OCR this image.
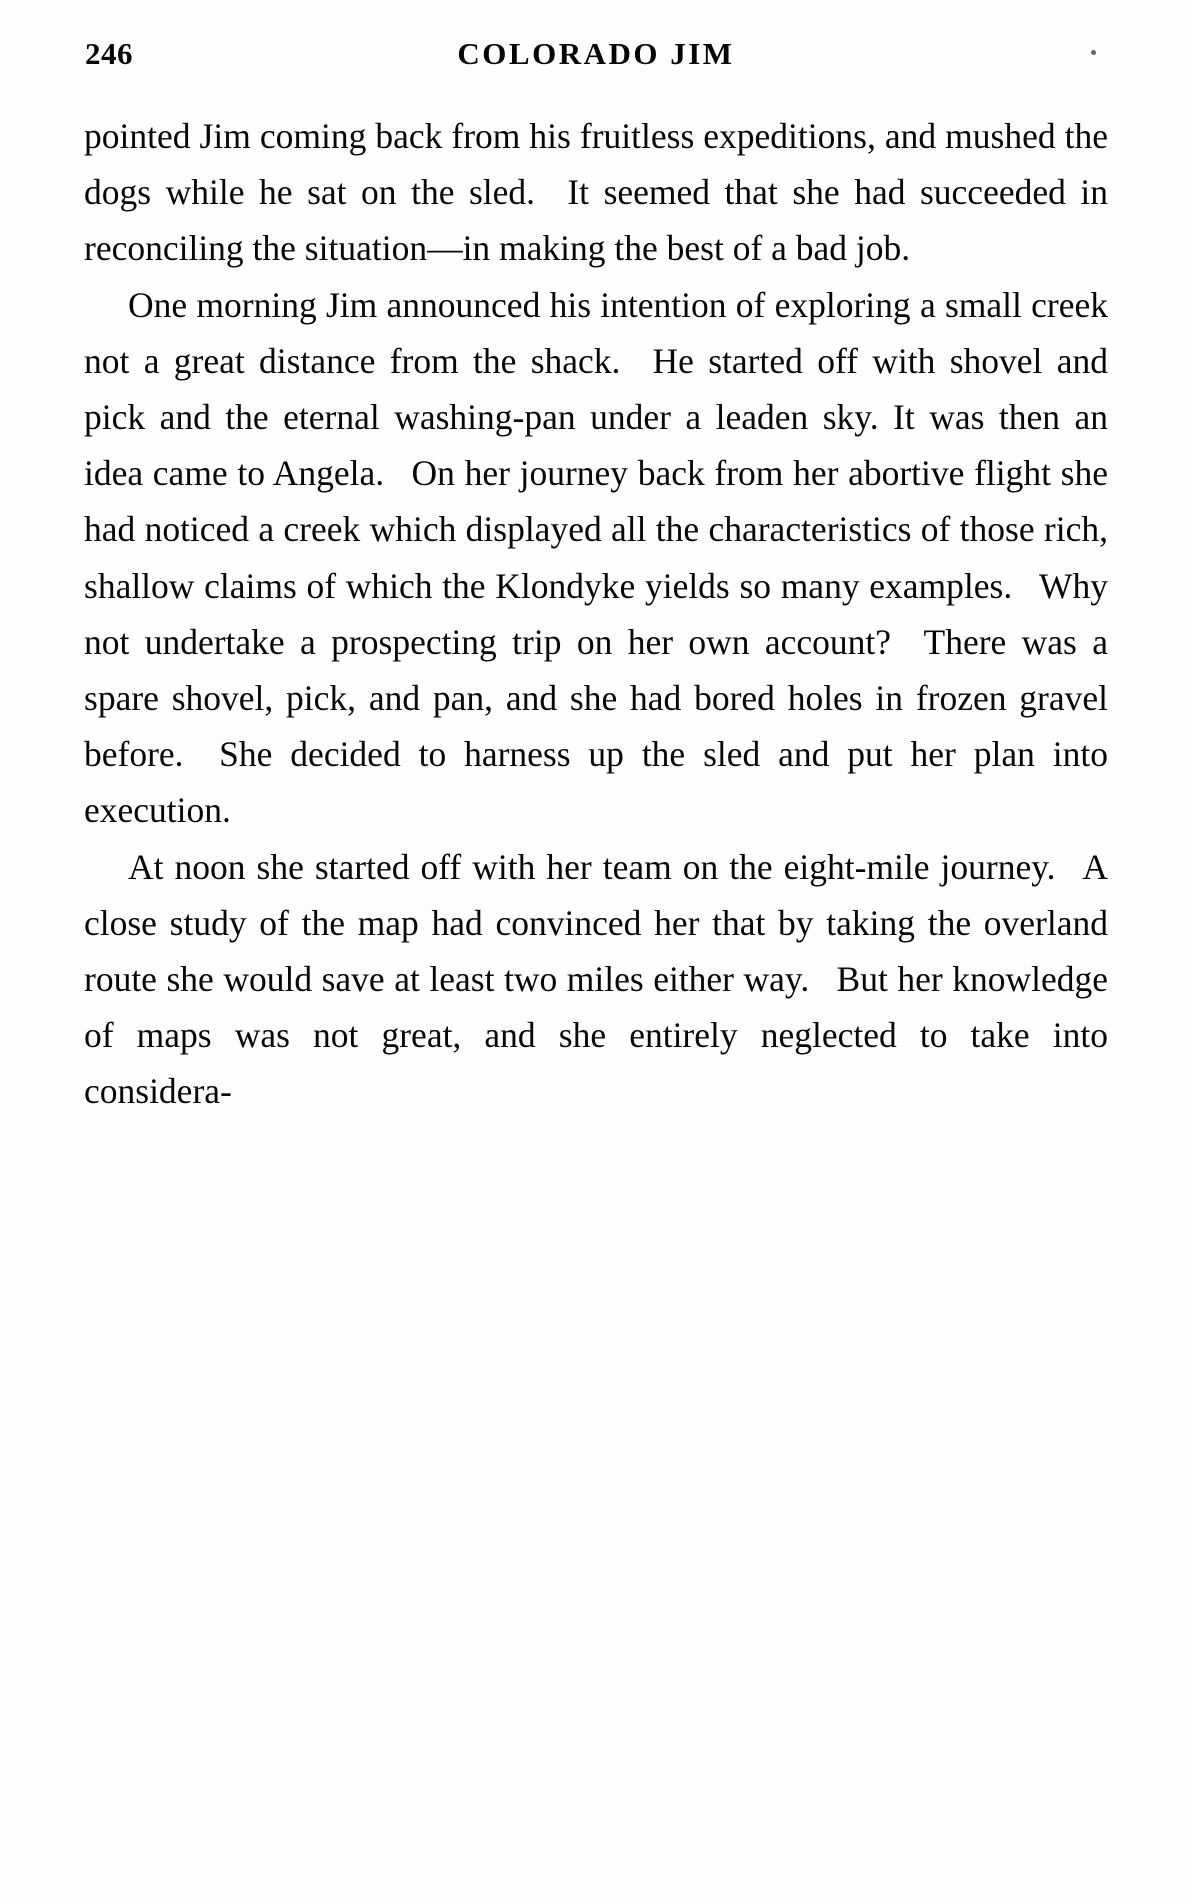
246	COLORADO JIM

pointed Jim coming back from his fruitless expeditions, and mushed the dogs while he sat on the sled.  It seemed that she had succeeded in reconciling the situation—in making the best of a bad job.

One morning Jim announced his intention of exploring a small creek not a great distance from the shack.  He started off with shovel and pick and the eternal washing-pan under a leaden sky. It was then an idea came to Angela.  On her journey back from her abortive flight she had noticed a creek which displayed all the characteristics of those rich, shallow claims of which the Klondyke yields so many examples.  Why not undertake a prospecting trip on her own account?  There was a spare shovel, pick, and pan, and she had bored holes in frozen gravel before.  She decided to harness up the sled and put her plan into execution.

At noon she started off with her team on the eight-mile journey.  A close study of the map had convinced her that by taking the overland route she would save at least two miles either way.  But her knowledge of maps was not great, and she entirely neglected to take into considera-
